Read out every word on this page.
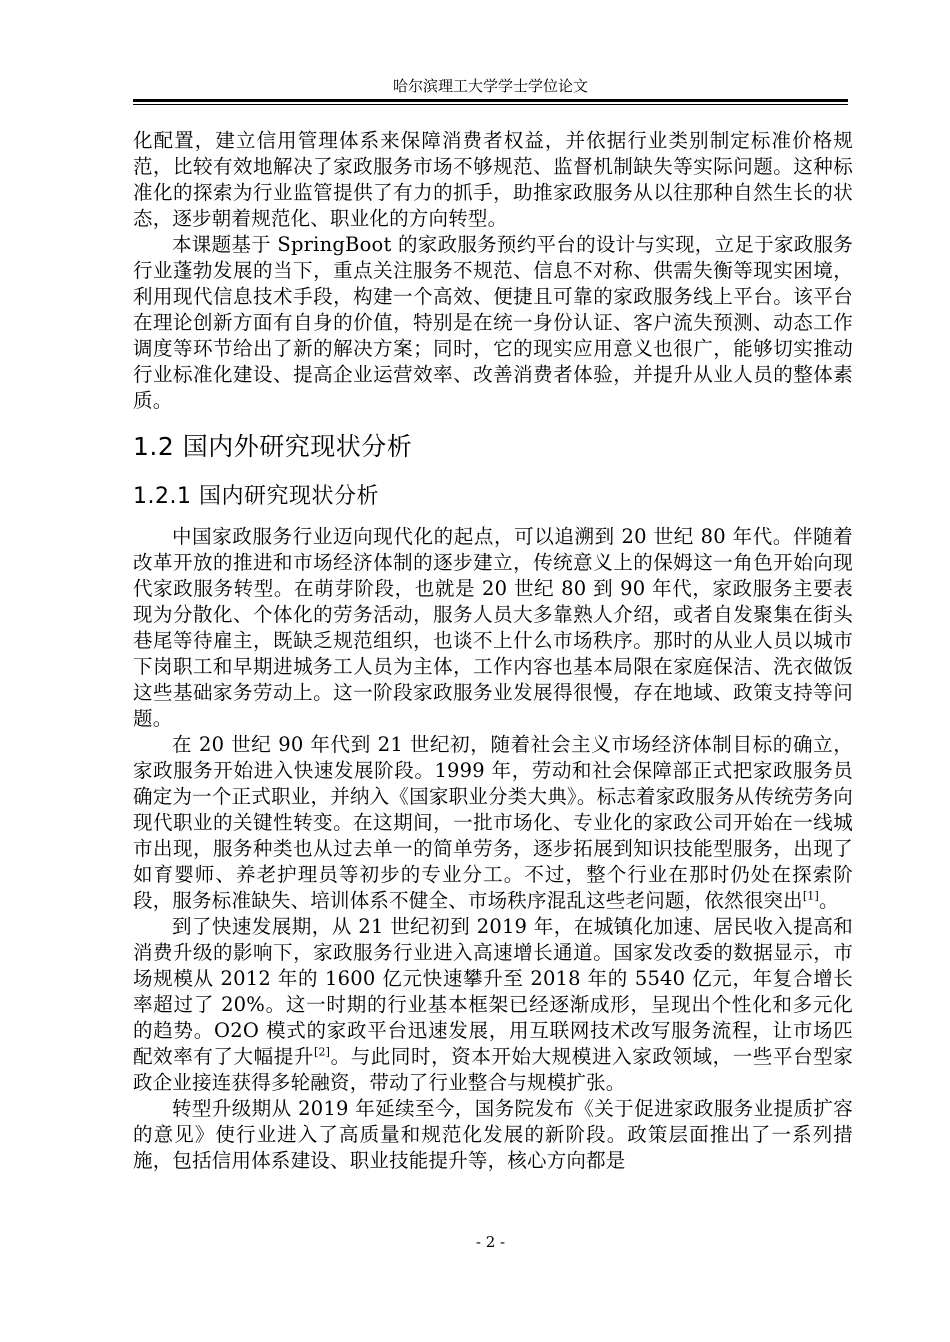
哈尔滨理工大学学士学位论文

化配置，建立信用管理体系来保障消费者权益，并依据行业类别制定标准价格规范，比较有效地解决了家政服务市场不够规范、监督机制缺失等实际问题。这种标准化的探索为行业监管提供了有力的抓手，助推家政服务从以往那种自然生长的状态，逐步朝着规范化、职业化的方向转型。

本课题基于 SpringBoot 的家政服务预约平台的设计与实现，立足于家政服务行业蓬勃发展的当下，重点关注服务不规范、信息不对称、供需失衡等现实困境，利用现代信息技术手段，构建一个高效、便捷且可靠的家政服务线上平台。该平台在理论创新方面有自身的价值，特别是在统一身份认证、客户流失预测、动态工作调度等环节给出了新的解决方案；同时，它的现实应用意义也很广，能够切实推动行业标准化建设、提高企业运营效率、改善消费者体验，并提升从业人员的整体素质。

1.2 国内外研究现状分析
1.2.1 国内研究现状分析

中国家政服务行业迈向现代化的起点，可以追溯到 20 世纪 80 年代。伴随着改革开放的推进和市场经济体制的逐步建立，传统意义上的保姆这一角色开始向现代家政服务转型。在萌芽阶段，也就是 20 世纪 80 到 90 年代，家政服务主要表现为分散化、个体化的劳务活动，服务人员大多靠熟人介绍，或者自发聚集在街头巷尾等待雇主，既缺乏规范组织，也谈不上什么市场秩序。那时的从业人员以城市下岗职工和早期进城务工人员为主体，工作内容也基本局限在家庭保洁、洗衣做饭这些基础家务劳动上。这一阶段家政服务业发展得很慢，存在地域、政策支持等问题。

在 20 世纪 90 年代到 21 世纪初，随着社会主义市场经济体制目标的确立，家政服务开始进入快速发展阶段。1999 年，劳动和社会保障部正式把家政服务员确定为一个正式职业，并纳入《国家职业分类大典》。标志着家政服务从传统劳务向现代职业的关键性转变。在这期间，一批市场化、专业化的家政公司开始在一线城市出现，服务种类也从过去单一的简单劳务，逐步拓展到知识技能型服务，出现了如育婴师、养老护理员等初步的专业分工。不过，整个行业在那时仍处在探索阶段，服务标准缺失、培训体系不健全、市场秩序混乱这些老问题，依然很突出[1]。

到了快速发展期，从 21 世纪初到 2019 年，在城镇化加速、居民收入提高和消费升级的影响下，家政服务行业进入高速增长通道。国家发改委的数据显示，市场规模从 2012 年的 1600 亿元快速攀升至 2018 年的 5540 亿元，年复合增长率超过了 20%。这一时期的行业基本框架已经逐渐成形，呈现出个性化和多元化的趋势。O2O 模式的家政平台迅速发展，用互联网技术改写服务流程，让市场匹配效率有了大幅提升[2]。与此同时，资本开始大规模进入家政领域，一些平台型家政企业接连获得多轮融资，带动了行业整合与规模扩张。

转型升级期从 2019 年延续至今，国务院发布《关于促进家政服务业提质扩容的意见》使行业进入了高质量和规范化发展的新阶段。政策层面推出了一系列措施，包括信用体系建设、职业技能提升等，核心方向都是

- 2 -
